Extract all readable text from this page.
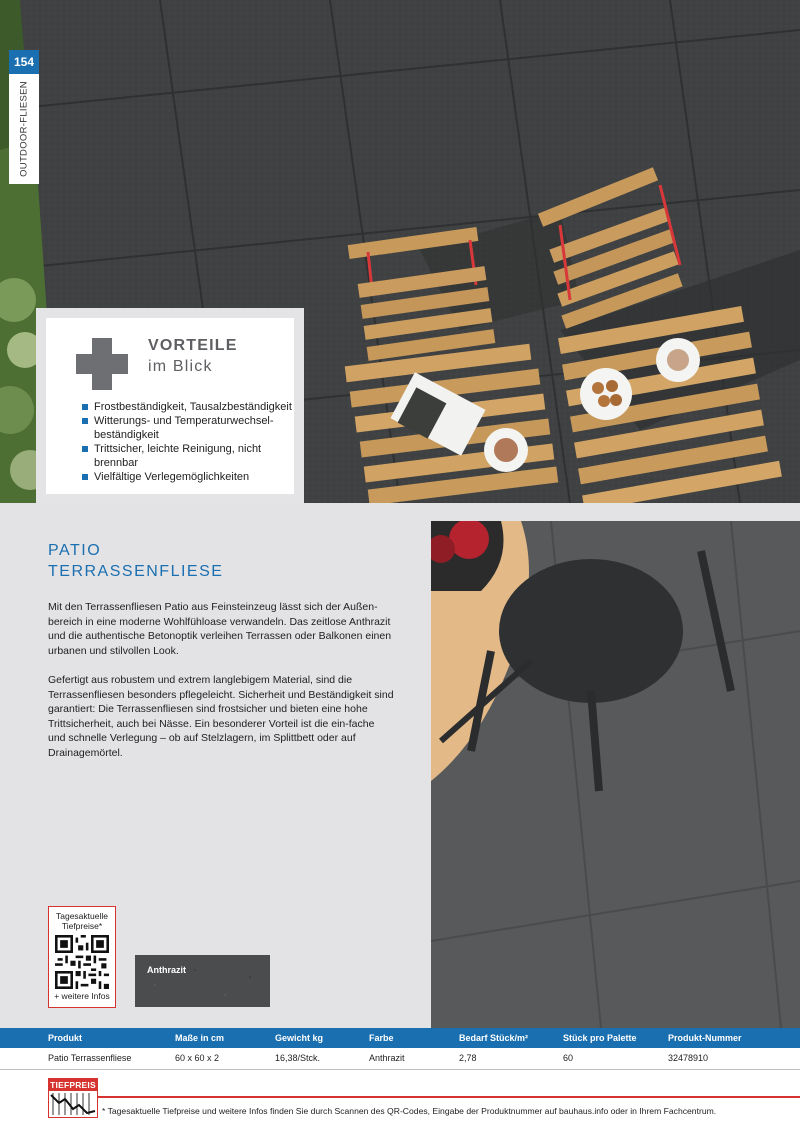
154
OUTDOOR-FLIESEN
VORTEILE
im Blick
Frostbeständigkeit, Tausalzbeständigkeit
Witterungs- und Temperaturwechsel-beständigkeit
Trittsicher, leichte Reinigung, nicht brennbar
Vielfältige Verlegemöglichkeiten
PATIO
TERRASSENFLIESE

Mit den Terrassenfliesen Patio aus Feinsteinzeug lässt sich der Außen-bereich in eine moderne Wohlfühloase verwandeln. Das zeitlose Anthrazit und die authentische Betonoptik verleihen Terrassen oder Balkonen einen urbanen und stilvollen Look.

Gefertigt aus robustem und extrem langlebigem Material, sind die Terrassenfliesen besonders pflegeleicht. Sicherheit und Beständigkeit sind garantiert: Die Terrassenfliesen sind frostsicher und bieten eine hohe Trittsicherheit, auch bei Nässe. Ein besonderer Vorteil ist die ein-fache und schnelle Verlegung – ob auf Stelzlagern, im Splittbett oder auf Drainagemörtel.

Tagesaktuelle
Tiefpreise*
+ weitere Infos
Anthrazit
Produkt	Maße in cm	Gewicht kg	Farbe	Bedarf Stück/m²	Stück pro Palette	Produkt-Nummer
Patio Terrassenfliese	60 x 60 x 2	16,38/Stck.	Anthrazit	2,78	60	32478910
TIEFPREIS
* Tagesaktuelle Tiefpreise und weitere Infos finden Sie durch Scannen des QR-Codes, Eingabe der Produktnummer auf bauhaus.info oder in Ihrem Fachcentrum.
